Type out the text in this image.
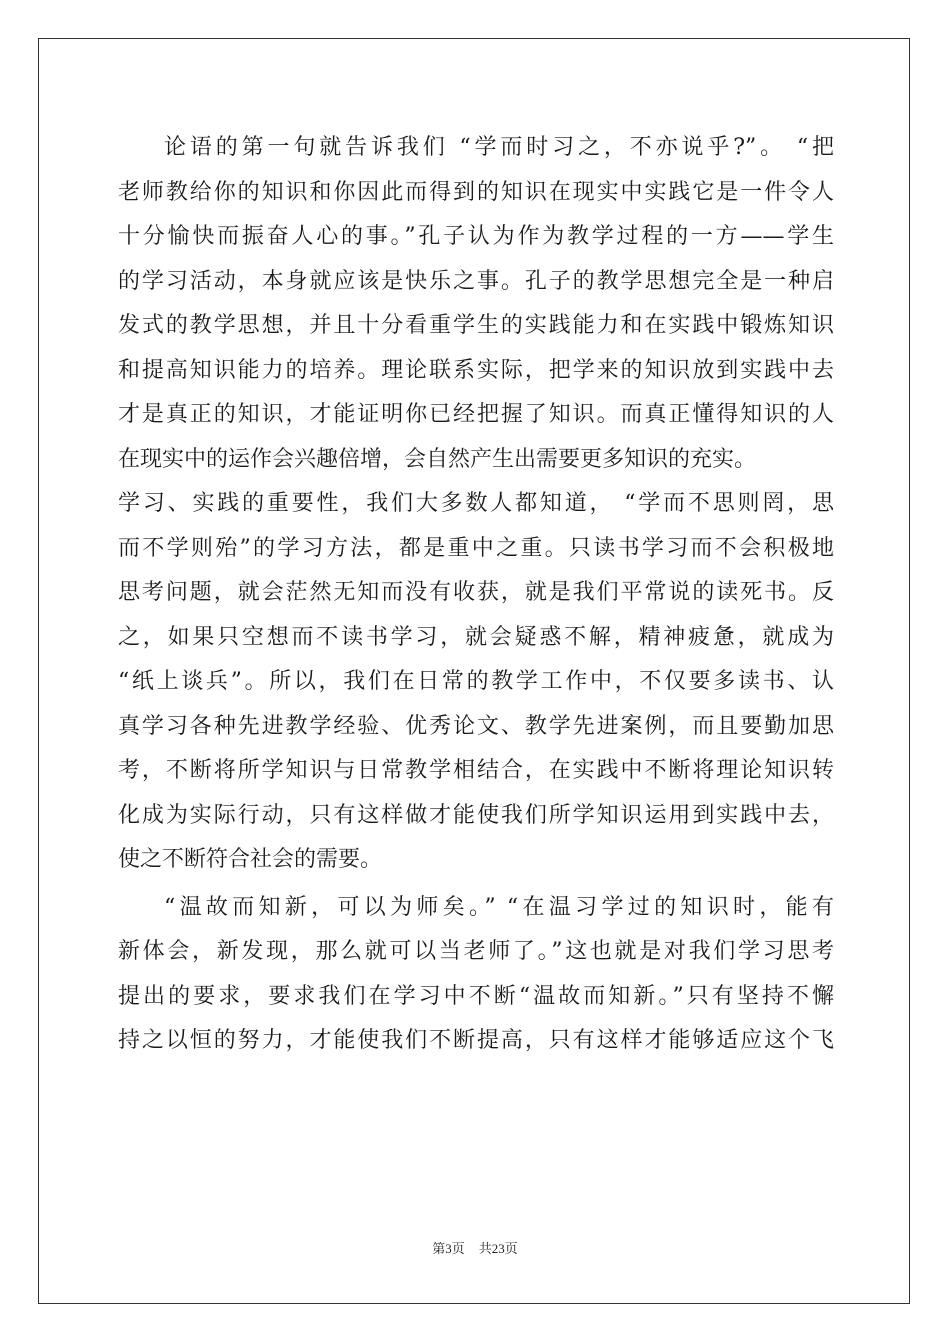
论语的第一句就告诉我们 “学而时习之，不亦说乎?”。 “把
老师教给你的知识和你因此而得到的知识在现实中实践它是一件令人
十分愉快而振奋人心的事。”孔子认为作为教学过程的一方——学生
的学习活动，本身就应该是快乐之事。孔子的教学思想完全是一种启
发式的教学思想，并且十分看重学生的实践能力和在实践中锻炼知识
和提高知识能力的培养。理论联系实际，把学来的知识放到实践中去
才是真正的知识，才能证明你已经把握了知识。而真正懂得知识的人
在现实中的运作会兴趣倍增，会自然产生出需要更多知识的充实。
学习、实践的重要性，我们大多数人都知道， “学而不思则罔，思
而不学则殆”的学习方法，都是重中之重。只读书学习而不会积极地
思考问题，就会茫然无知而没有收获，就是我们平常说的读死书。反
之，如果只空想而不读书学习，就会疑惑不解，精神疲惫，就成为
“纸上谈兵”。所以，我们在日常的教学工作中，不仅要多读书、认
真学习各种先进教学经验、优秀论文、教学先进案例，而且要勤加思
考，不断将所学知识与日常教学相结合，在实践中不断将理论知识转
化成为实际行动，只有这样做才能使我们所学知识运用到实践中去，
使之不断符合社会的需要。
“温故而知新，可以为师矣。” “在温习学过的知识时，能有
新体会，新发现，那么就可以当老师了。”这也就是对我们学习思考
提出的要求，要求我们在学习中不断“温故而知新。”只有坚持不懈
持之以恒的努力，才能使我们不断提高，只有这样才能够适应这个飞
第3页 共23页
